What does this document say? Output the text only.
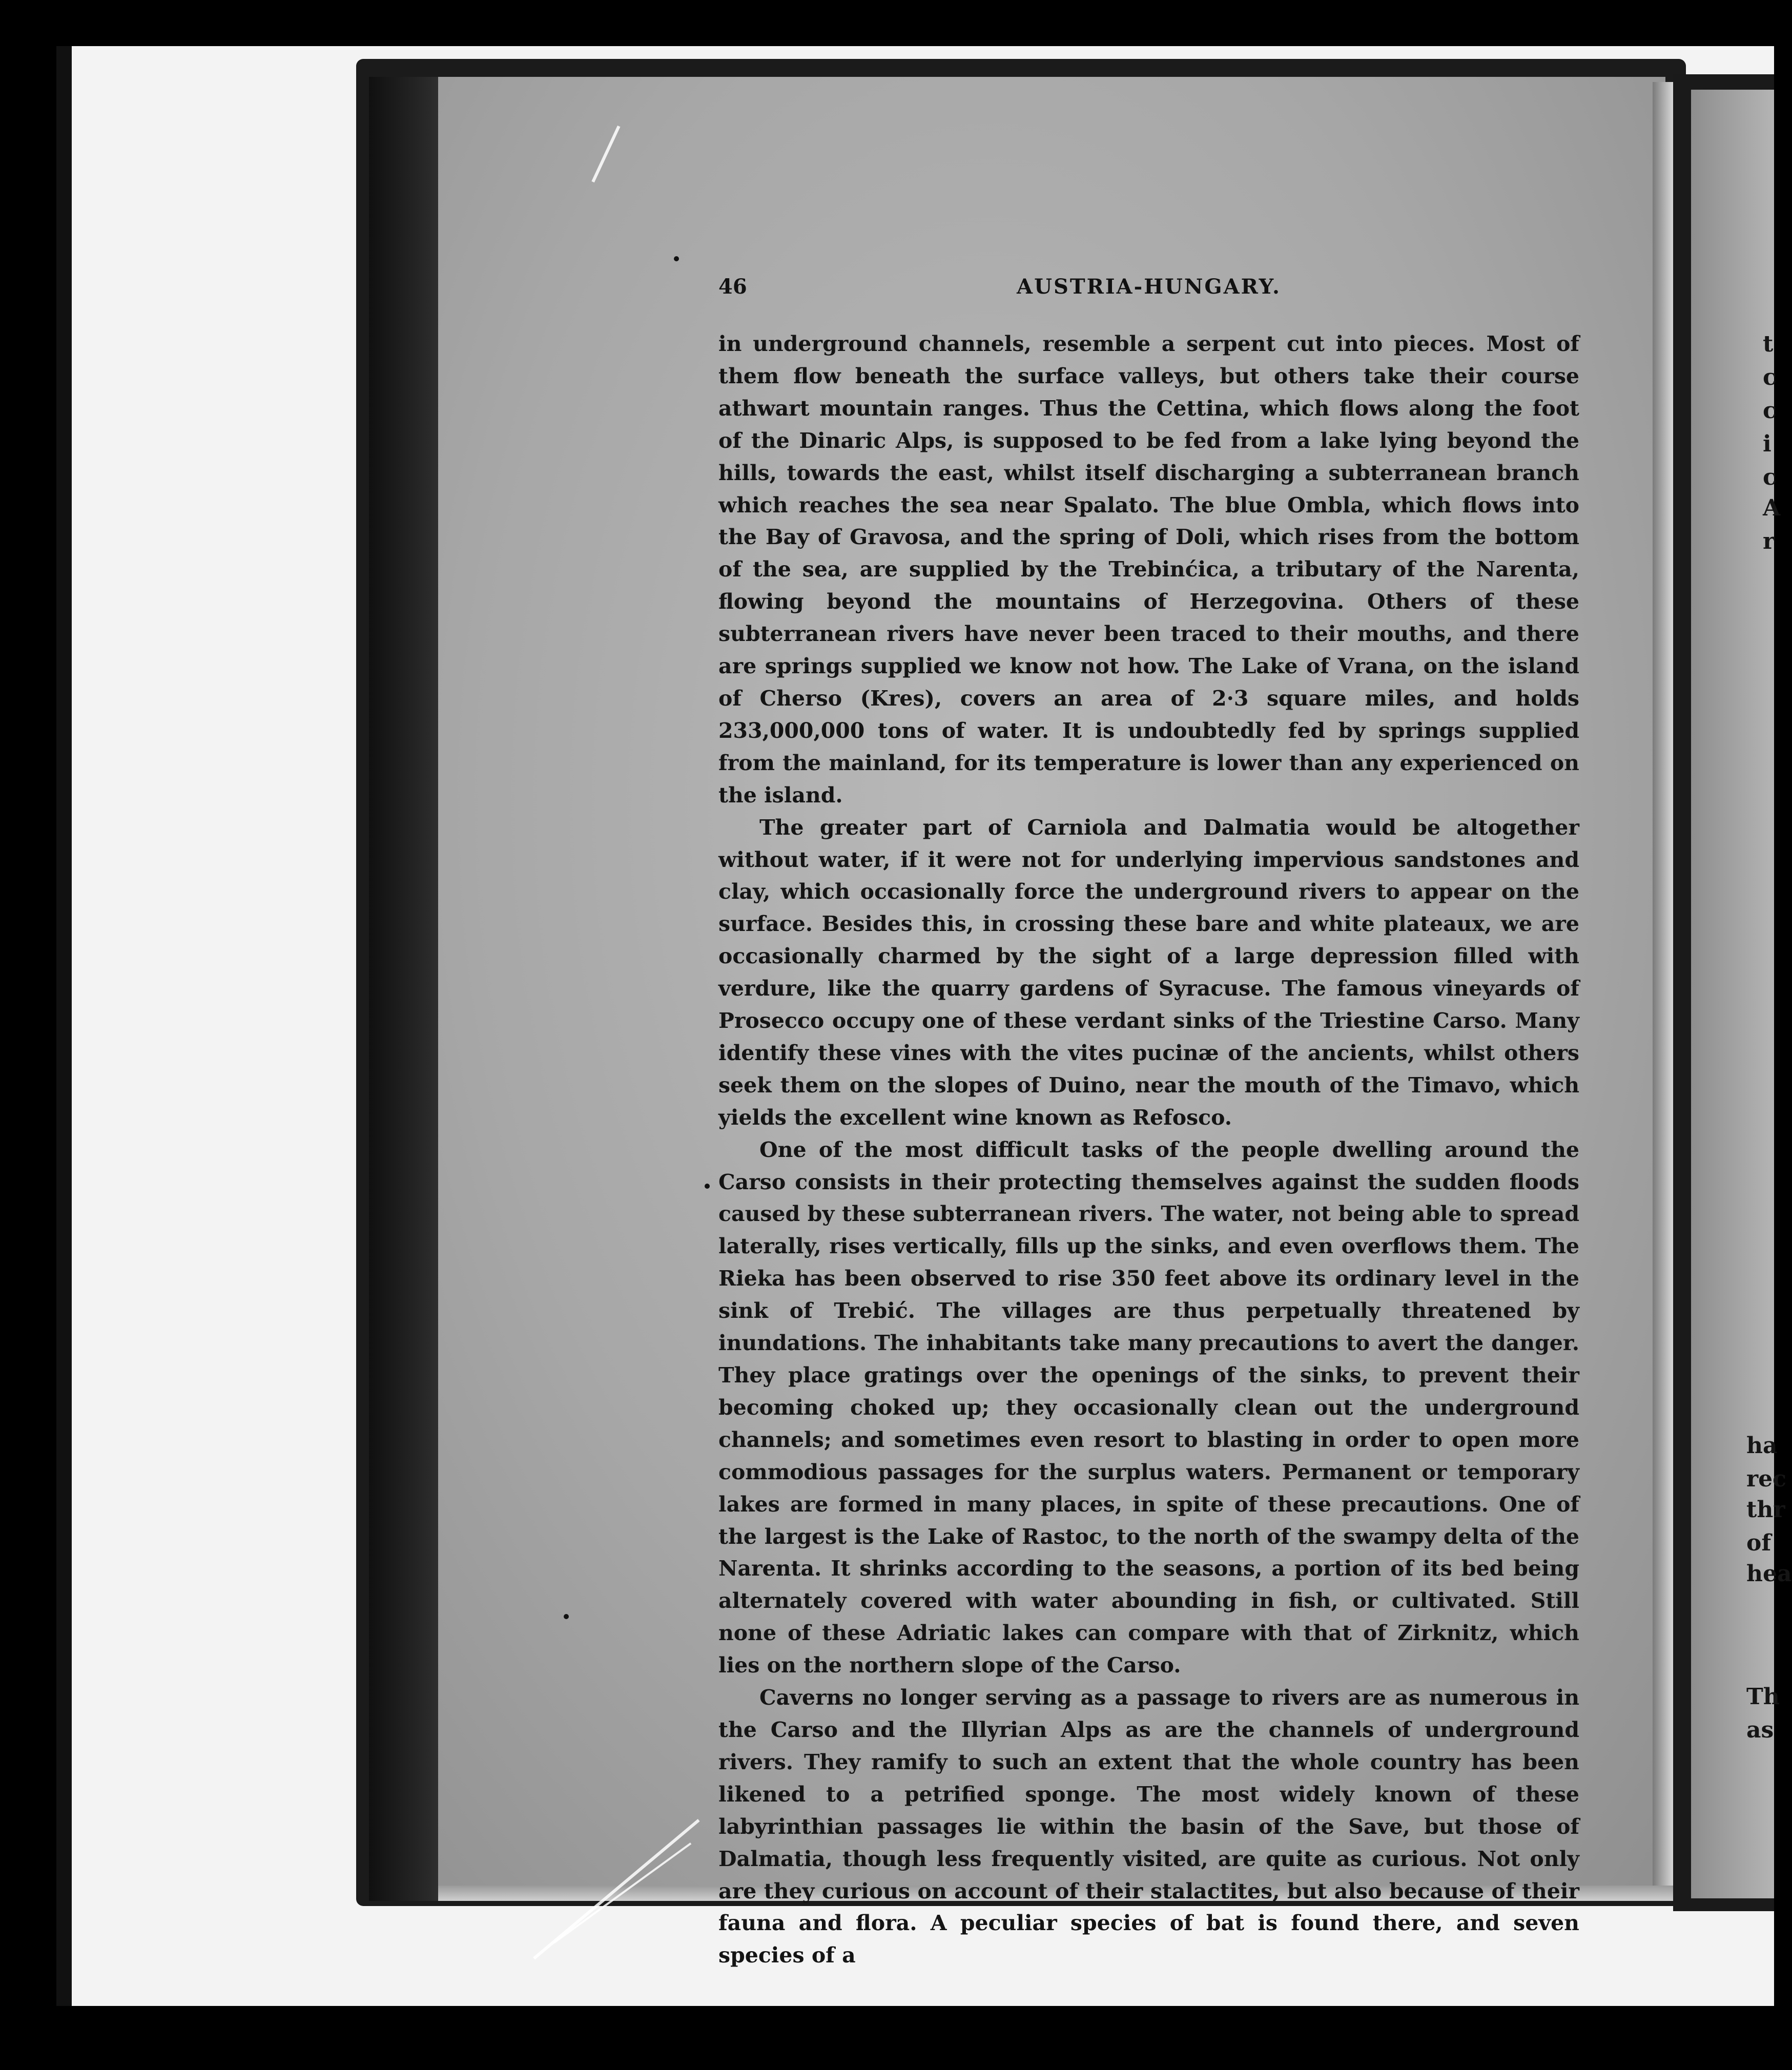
t
c
c
i
c
A
r
ha
rec
thr
of
hea
Th
as
46	AUSTRIA-HUNGARY.

in underground channels, resemble a serpent cut into pieces. Most of them flow beneath the surface valleys, but others take their course athwart mountain ranges. Thus the Cettina, which flows along the foot of the Dinaric Alps, is supposed to be fed from a lake lying beyond the hills, towards the east, whilst itself discharging a subterranean branch which reaches the sea near Spalato. The blue Ombla, which flows into the Bay of Gravosa, and the spring of Doli, which rises from the bottom of the sea, are supplied by the Trebinćica, a tributary of the Narenta, flowing beyond the mountains of Herzegovina. Others of these subterranean rivers have never been traced to their mouths, and there are springs supplied we know not how. The Lake of Vrana, on the island of Cherso (Kres), covers an area of 2·3 square miles, and holds 233,000,000 tons of water. It is undoubtedly fed by springs supplied from the mainland, for its temperature is lower than any experienced on the island.

The greater part of Carniola and Dalmatia would be altogether without water, if it were not for underlying impervious sandstones and clay, which occasionally force the underground rivers to appear on the surface. Besides this, in crossing these bare and white plateaux, we are occasionally charmed by the sight of a large depression filled with verdure, like the quarry gardens of Syracuse. The famous vineyards of Prosecco occupy one of these verdant sinks of the Triestine Carso. Many identify these vines with the vites pucinæ of the ancients, whilst others seek them on the slopes of Duino, near the mouth of the Timavo, which yields the excellent wine known as Refosco.

One of the most difficult tasks of the people dwelling around the Carso consists in their protecting themselves against the sudden floods caused by these subterranean rivers. The water, not being able to spread laterally, rises vertically, fills up the sinks, and even overflows them. The Rieka has been observed to rise 350 feet above its ordinary level in the sink of Trebić. The villages are thus perpetually threatened by inundations. The inhabitants take many precautions to avert the danger. They place gratings over the openings of the sinks, to prevent their becoming choked up; they occasionally clean out the underground channels; and sometimes even resort to blasting in order to open more commodious passages for the surplus waters. Permanent or temporary lakes are formed in many places, in spite of these precautions. One of the largest is the Lake of Rastoc, to the north of the swampy delta of the Narenta. It shrinks according to the seasons, a portion of its bed being alternately covered with water abounding in fish, or cultivated. Still none of these Adriatic lakes can compare with that of Zirknitz, which lies on the northern slope of the Carso.

Caverns no longer serving as a passage to rivers are as numerous in the Carso and the Illyrian Alps as are the channels of underground rivers. They ramify to such an extent that the whole country has been likened to a petrified sponge. The most widely known of these labyrinthian passages lie within the basin of the Save, but those of Dalmatia, though less frequently visited, are quite as curious. Not only are they curious on account of their stalactites, but also because of their fauna and flora. A peculiar species of bat is found there, and seven species of a
